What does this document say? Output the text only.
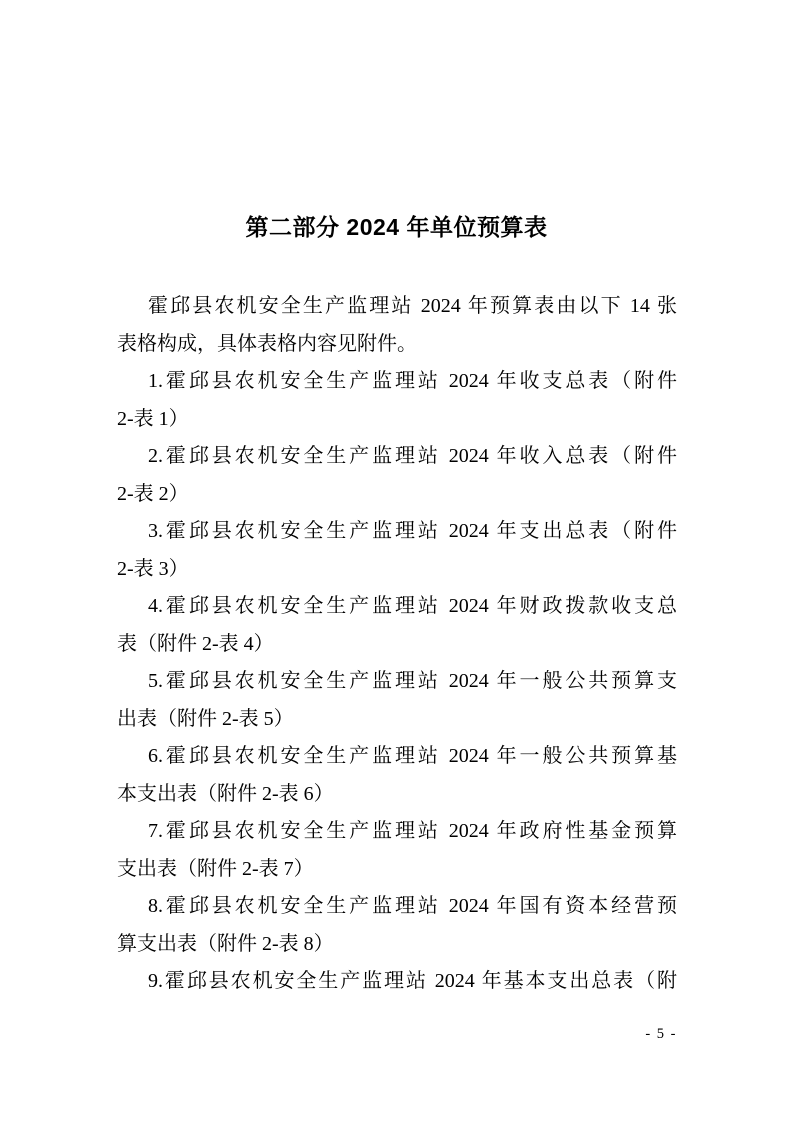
第二部分 2024 年单位预算表
霍邱县农机安全生产监理站 2024 年预算表由以下 14 张
表格构成，具体表格内容见附件。
1.霍邱县农机安全生产监理站 2024 年收支总表（附件
2-表 1）
2.霍邱县农机安全生产监理站 2024 年收入总表（附件
2-表 2）
3.霍邱县农机安全生产监理站 2024 年支出总表（附件
2-表 3）
4.霍邱县农机安全生产监理站 2024 年财政拨款收支总
表（附件 2-表 4）
5.霍邱县农机安全生产监理站 2024 年一般公共预算支
出表（附件 2-表 5）
6.霍邱县农机安全生产监理站 2024 年一般公共预算基
本支出表（附件 2-表 6）
7.霍邱县农机安全生产监理站 2024 年政府性基金预算
支出表（附件 2-表 7）
8.霍邱县农机安全生产监理站 2024 年国有资本经营预
算支出表（附件 2-表 8）
9.霍邱县农机安全生产监理站 2024 年基本支出总表（附
- 5 -
